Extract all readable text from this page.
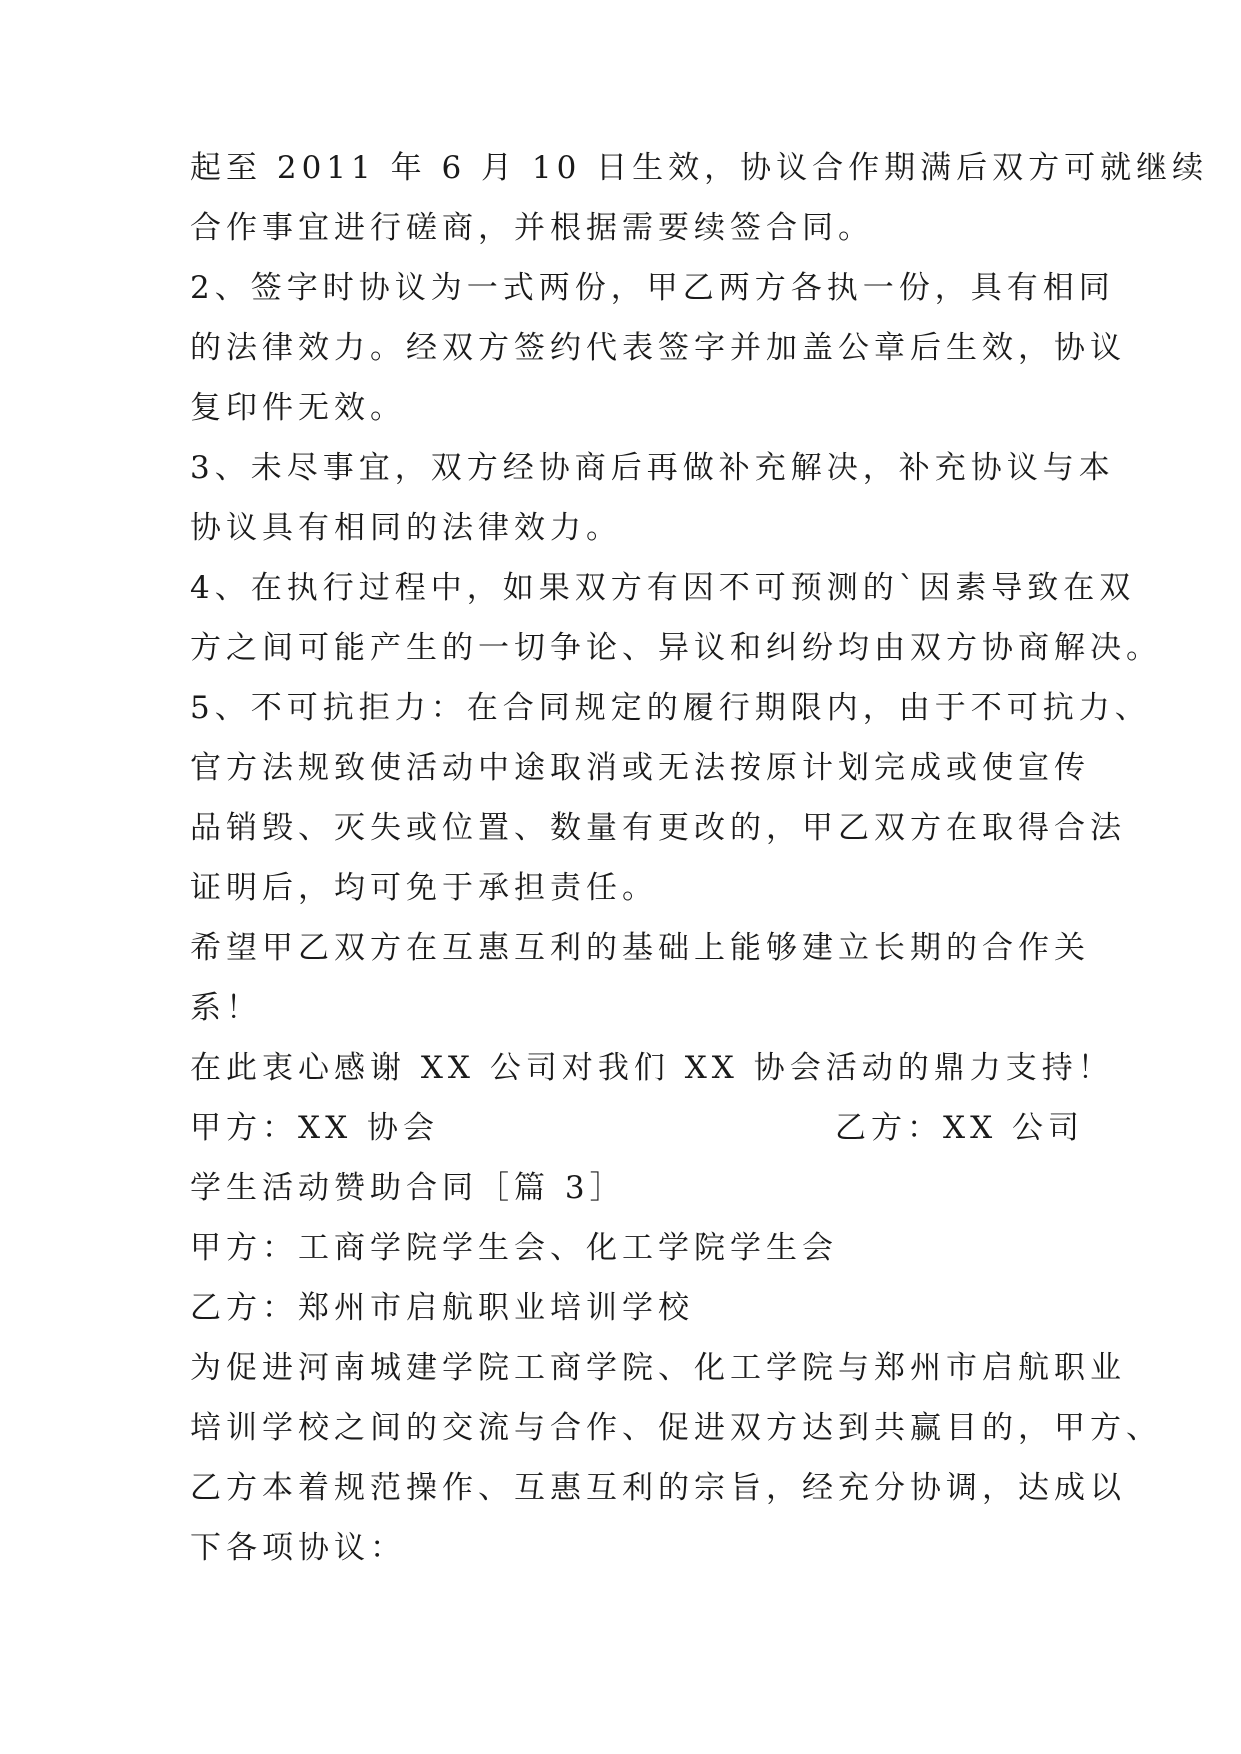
起至 2011 年 6 月 10 日生效，协议合作期满后双方可就继续
合作事宜进行磋商，并根据需要续签合同。
2、签字时协议为一式两份，甲乙两方各执一份，具有相同
的法律效力。经双方签约代表签字并加盖公章后生效，协议
复印件无效。
3、未尽事宜，双方经协商后再做补充解决，补充协议与本
协议具有相同的法律效力。
4、在执行过程中，如果双方有因不可预测的`因素导致在双
方之间可能产生的一切争论、异议和纠纷均由双方协商解决。
5、不可抗拒力：在合同规定的履行期限内，由于不可抗力、
官方法规致使活动中途取消或无法按原计划完成或使宣传
品销毁、灭失或位置、数量有更改的，甲乙双方在取得合法
证明后，均可免于承担责任。
希望甲乙双方在互惠互利的基础上能够建立长期的合作关
系！
在此衷心感谢 XX 公司对我们 XX 协会活动的鼎力支持！
甲方：XX 协会	乙方：XX 公司
学生活动赞助合同［篇 3］
甲方：工商学院学生会、化工学院学生会
乙方：郑州市启航职业培训学校
为促进河南城建学院工商学院、化工学院与郑州市启航职业
培训学校之间的交流与合作、促进双方达到共赢目的，甲方、
乙方本着规范操作、互惠互利的宗旨，经充分协调，达成以
下各项协议：
